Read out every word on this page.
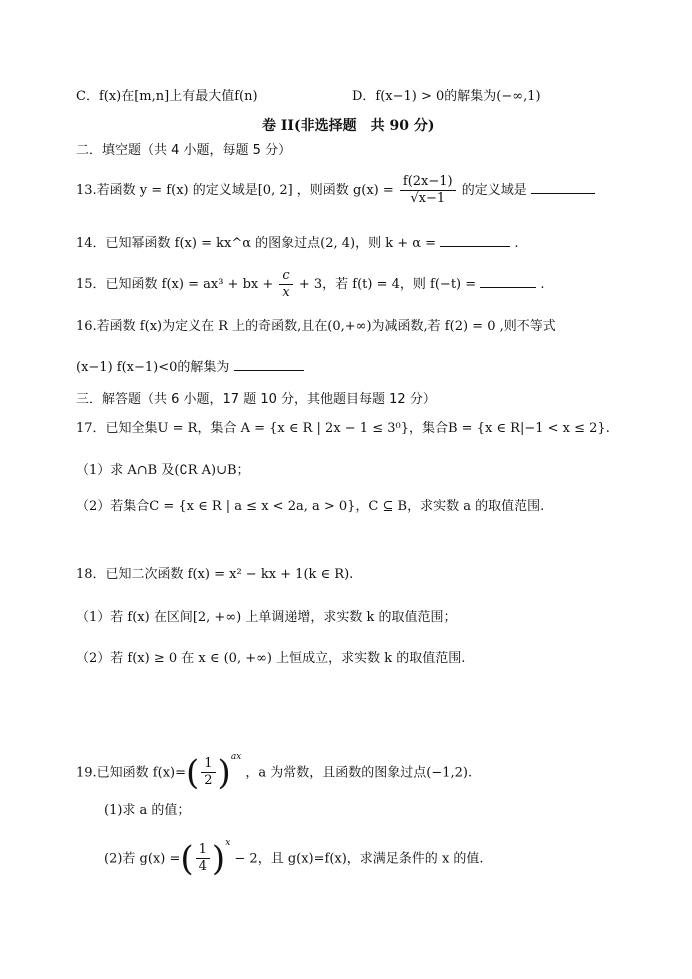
C．f(x)在[m,n]上有最大值f(n)	D．f(x−1) > 0的解集为(−∞,1)
卷 II(非选择题　共 90 分)
二．填空题（共 4 小题，每题 5 分）
13.若函数 y = f(x) 的定义域是[0, 2] ，则函数 $g(x) = \frac{f(2x-1)}{√x-1}$ 的定义域是
14．已知幂函数 f(x) = kx^α 的图象过点(2, 4)，则 k + α =	.
15．已知函数 f(x) = ax³ + bx + $\frac{c}{x} + 3$，若 f(t) = 4，则 f(−t) =	.
16.若函数 f(x)为定义在 R 上的奇函数,且在(0,+∞)为减函数,若 f(2) = 0 ,则不等式
(x−1) f(x−1)<0的解集为
三．解答题（共 6 小题，17 题 10 分，其他题目每题 12 分）
17．已知全集U = R，集合 A = {x ∈ R | 2x − 1 ≤ 3⁰}，集合B = {x ∈ R|−1 < x ≤ 2}.
（1）求 A∩B 及(∁R A)∪B；
（2）若集合C = {x ∈ R | a ≤ x < 2a, a > 0}，C ⊆ B，求实数 a 的取值范围.
18．已知二次函数 f(x) = x² − kx + 1(k ∈ R).
（1）若 f(x) 在区间[2, +∞) 上单调递增，求实数 k 的取值范围；
（2）若 f(x) ≥ 0 在 x ∈ (0, +∞) 上恒成立，求实数 k 的取值范围.
19.已知函数 $f(x)=( \frac{1}{2} )^{ax}$ ，a 为常数，且函数的图象过点(−1,2).
(1)求 a 的值；
(2)若 g(x) =( $\frac{1}{4} )^x - 2$，且 g(x)=f(x)，求满足条件的 x 的值.
